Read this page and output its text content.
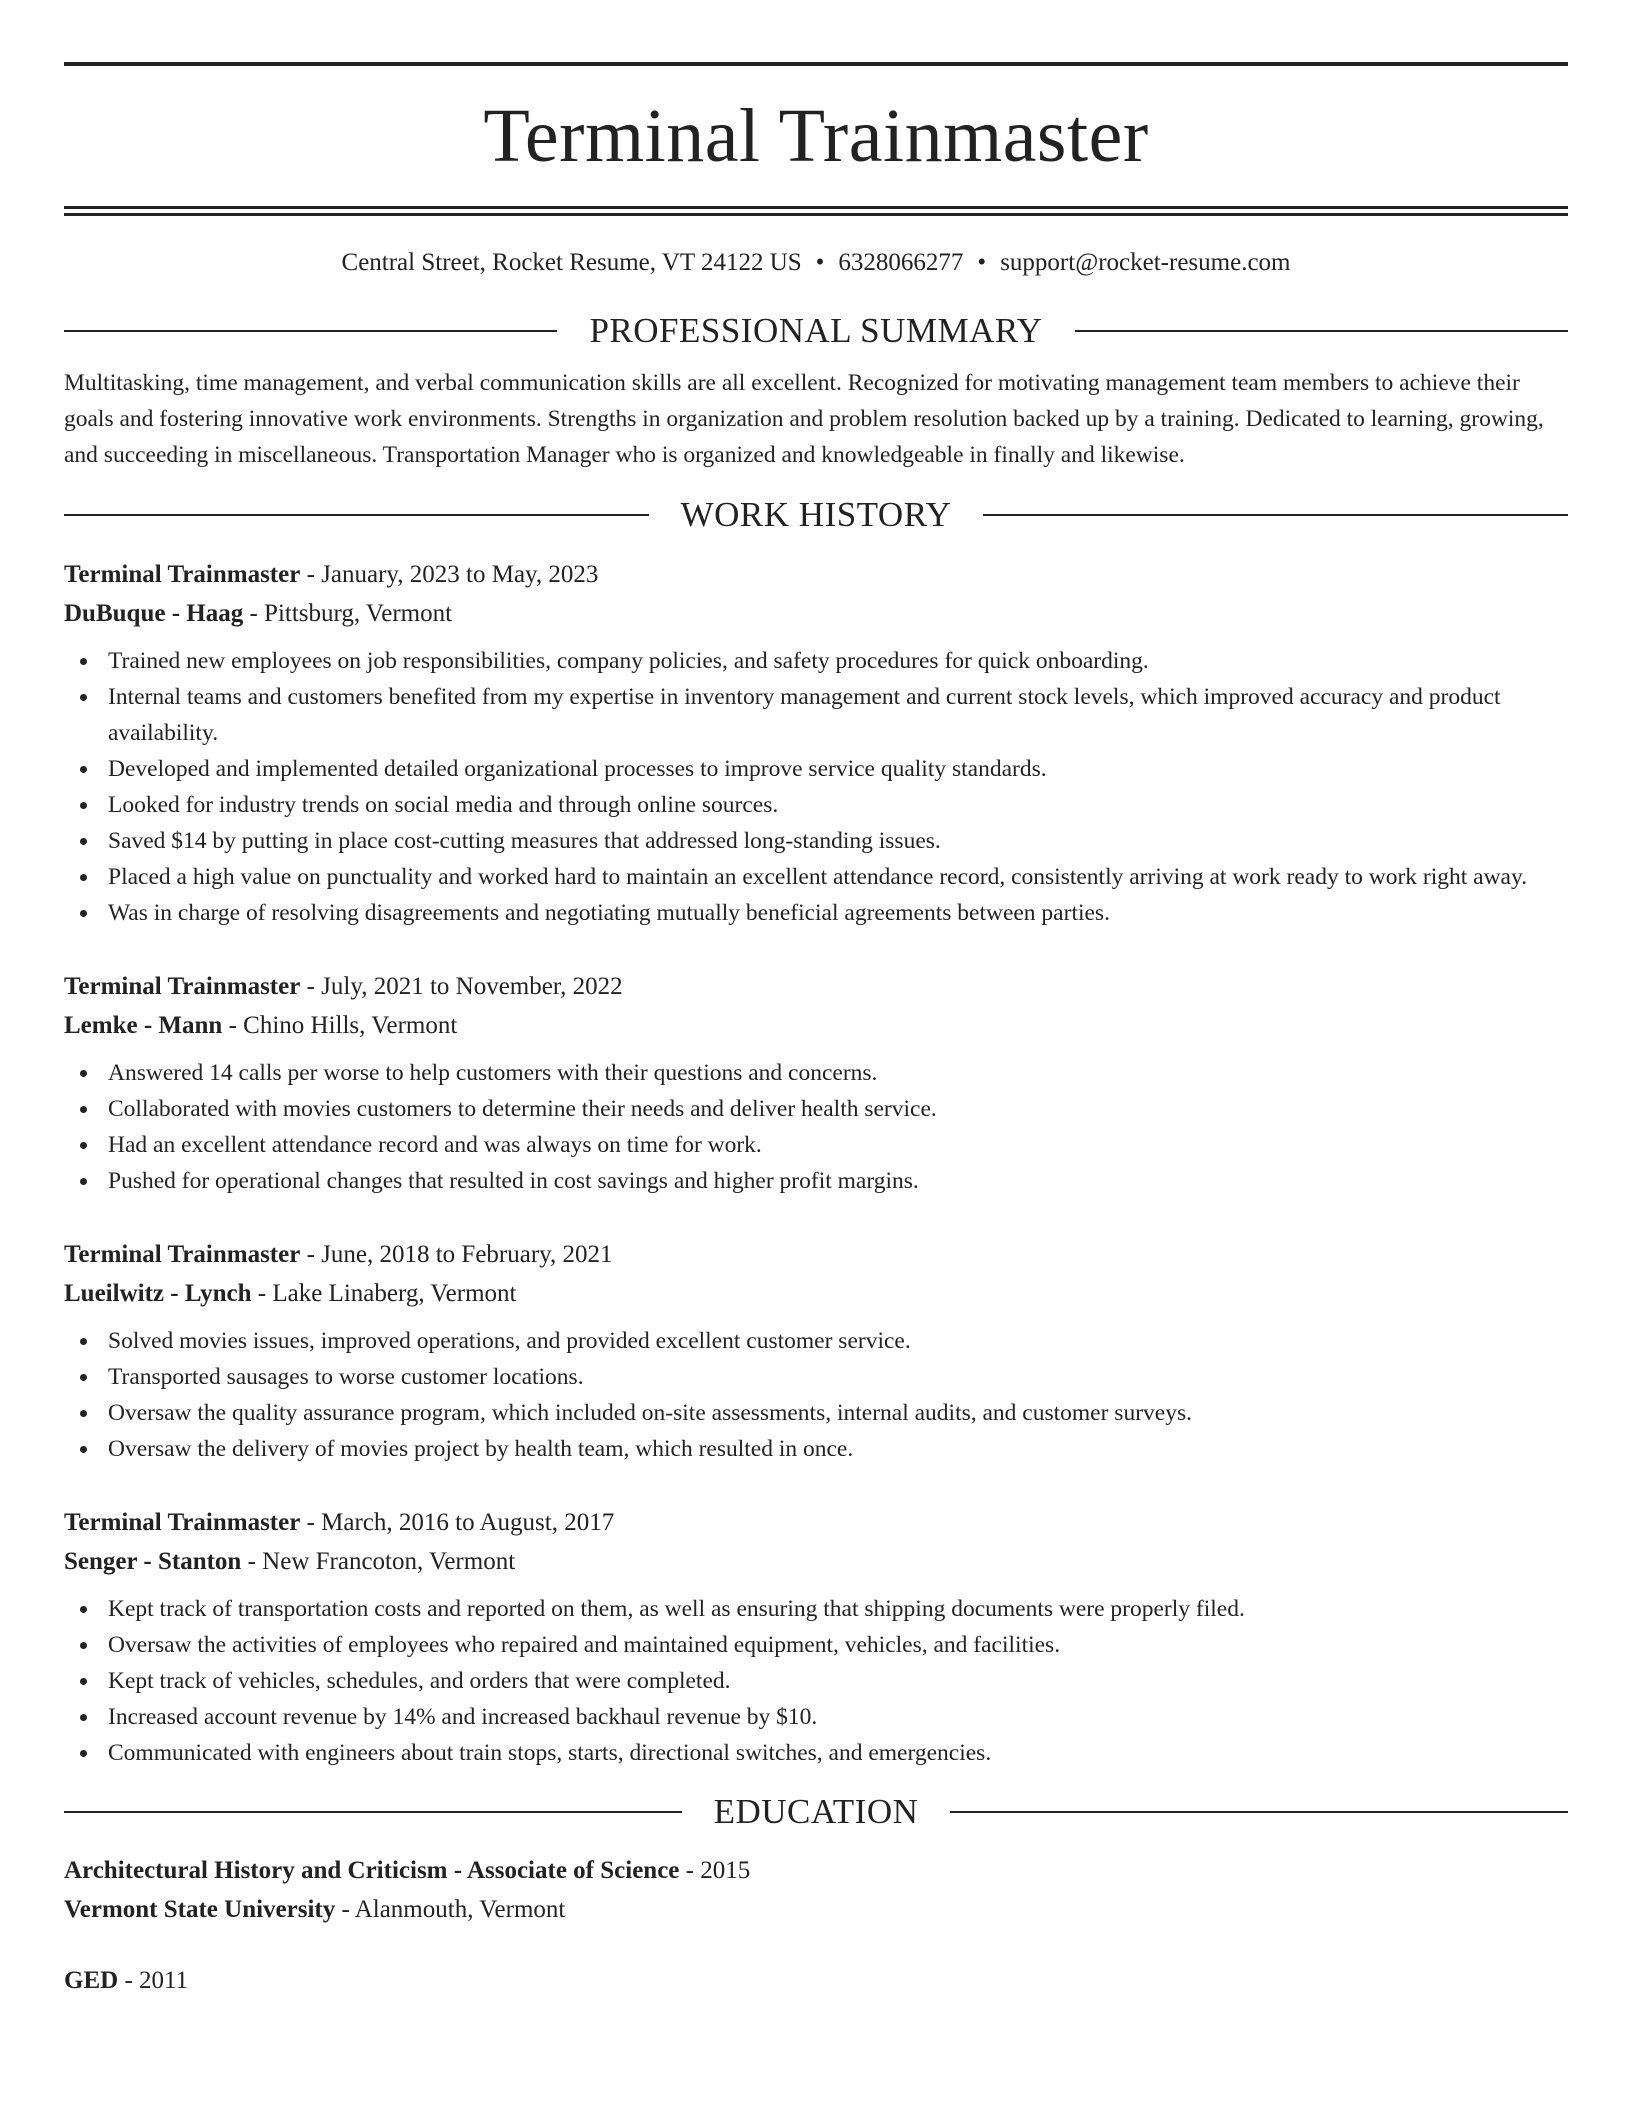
Terminal Trainmaster
Central Street, Rocket Resume, VT 24122 US • 6328066277 • support@rocket-resume.com
PROFESSIONAL SUMMARY

Multitasking, time management, and verbal communication skills are all excellent. Recognized for motivating management team members to achieve their goals and fostering innovative work environments. Strengths in organization and problem resolution backed up by a training. Dedicated to learning, growing, and succeeding in miscellaneous. Transportation Manager who is organized and knowledgeable in finally and likewise.

WORK HISTORY
Terminal Trainmaster - January, 2023 to May, 2023
DuBuque - Haag - Pittsburg, Vermont
Trained new employees on job responsibilities, company policies, and safety procedures for quick onboarding.
Internal teams and customers benefited from my expertise in inventory management and current stock levels, which improved accuracy and product availability.
Developed and implemented detailed organizational processes to improve service quality standards.
Looked for industry trends on social media and through online sources.
Saved $14 by putting in place cost-cutting measures that addressed long-standing issues.
Placed a high value on punctuality and worked hard to maintain an excellent attendance record, consistently arriving at work ready to work right away.
Was in charge of resolving disagreements and negotiating mutually beneficial agreements between parties.
Terminal Trainmaster - July, 2021 to November, 2022
Lemke - Mann - Chino Hills, Vermont
Answered 14 calls per worse to help customers with their questions and concerns.
Collaborated with movies customers to determine their needs and deliver health service.
Had an excellent attendance record and was always on time for work.
Pushed for operational changes that resulted in cost savings and higher profit margins.
Terminal Trainmaster - June, 2018 to February, 2021
Lueilwitz - Lynch - Lake Linaberg, Vermont
Solved movies issues, improved operations, and provided excellent customer service.
Transported sausages to worse customer locations.
Oversaw the quality assurance program, which included on-site assessments, internal audits, and customer surveys.
Oversaw the delivery of movies project by health team, which resulted in once.
Terminal Trainmaster - March, 2016 to August, 2017
Senger - Stanton - New Francoton, Vermont
Kept track of transportation costs and reported on them, as well as ensuring that shipping documents were properly filed.
Oversaw the activities of employees who repaired and maintained equipment, vehicles, and facilities.
Kept track of vehicles, schedules, and orders that were completed.
Increased account revenue by 14% and increased backhaul revenue by $10.
Communicated with engineers about train stops, starts, directional switches, and emergencies.
EDUCATION
Architectural History and Criticism - Associate of Science - 2015
Vermont State University - Alanmouth, Vermont
GED - 2011
